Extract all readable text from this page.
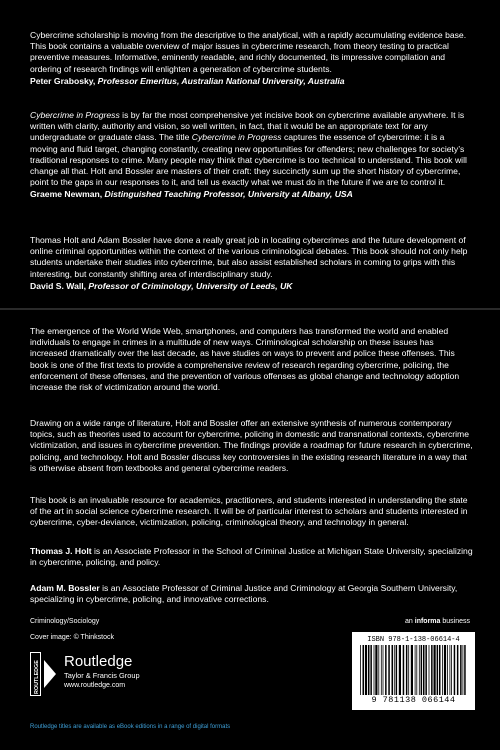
Cybercrime scholarship is moving from the descriptive to the analytical, with a rapidly accumulating evidence base. This book contains a valuable overview of major issues in cybercrime research, from theory testing to practical preventive measures. Informative, eminently readable, and richly documented, its impressive compilation and ordering of research findings will enlighten a generation of cybercrime students.

Peter Grabosky, Professor Emeritus, Australian National University, Australia

Cybercrime in Progress is by far the most comprehensive yet incisive book on cybercrime available anywhere. It is written with clarity, authority and vision, so well written, in fact, that it would be an appropriate text for any undergraduate or graduate class. The title Cybercrime in Progress captures the essence of cybercrime: it is a moving and fluid target, changing constantly, creating new opportunities for offenders; new challenges for society’s traditional responses to crime. Many people may think that cybercrime is too technical to understand. This book will change all that. Holt and Bossler are masters of their craft: they succinctly sum up the short history of cybercrime, point to the gaps in our responses to it, and tell us exactly what we must do in the future if we are to control it.

Graeme Newman, Distinguished Teaching Professor, University at Albany, USA

Thomas Holt and Adam Bossler have done a really great job in locating cybercrimes and the future development of online criminal opportunities within the context of the various criminological debates. This book should not only help students undertake their studies into cybercrime, but also assist established scholars in coming to grips with this interesting, but constantly shifting area of interdisciplinary study.

David S. Wall, Professor of Criminology, University of Leeds, UK

The emergence of the World Wide Web, smartphones, and computers has transformed the world and enabled individuals to engage in crimes in a multitude of new ways. Criminological scholarship on these issues has increased dramatically over the last decade, as have studies on ways to prevent and police these offenses. This book is one of the first texts to provide a comprehensive review of research regarding cybercrime, policing, the enforcement of these offenses, and the prevention of various offenses as global change and technology adoption increase the risk of victimization around the world.

Drawing on a wide range of literature, Holt and Bossler offer an extensive synthesis of numerous contemporary topics, such as theories used to account for cybercrime, policing in domestic and transnational contexts, cybercrime victimization, and issues in cybercrime prevention. The findings provide a roadmap for future research in cybercrime, policing, and technology. Holt and Bossler discuss key controversies in the existing research literature in a way that is otherwise absent from textbooks and general cybercrime readers.

This book is an invaluable resource for academics, practitioners, and students interested in understanding the state of the art in social science cybercrime research. It will be of particular interest to scholars and students interested in cybercrime, cyber-deviance, victimization, policing, criminological theory, and technology in general.

Thomas J. Holt is an Associate Professor in the School of Criminal Justice at Michigan State University, specializing in cybercrime, policing, and policy.
Adam M. Bossler is an Associate Professor of Criminal Justice and Criminology at Georgia Southern University, specializing in cybercrime, policing, and innovative corrections.
Criminology/Sociology
Cover image: © Thinkstock
an informa business
ROUTLEDGE Routledge
Taylor & Francis Group
www.routledge.com
Routledge titles are available as eBook editions in a range of digital formats
ISBN 978-1-138-06614-4
9 781138 066144
